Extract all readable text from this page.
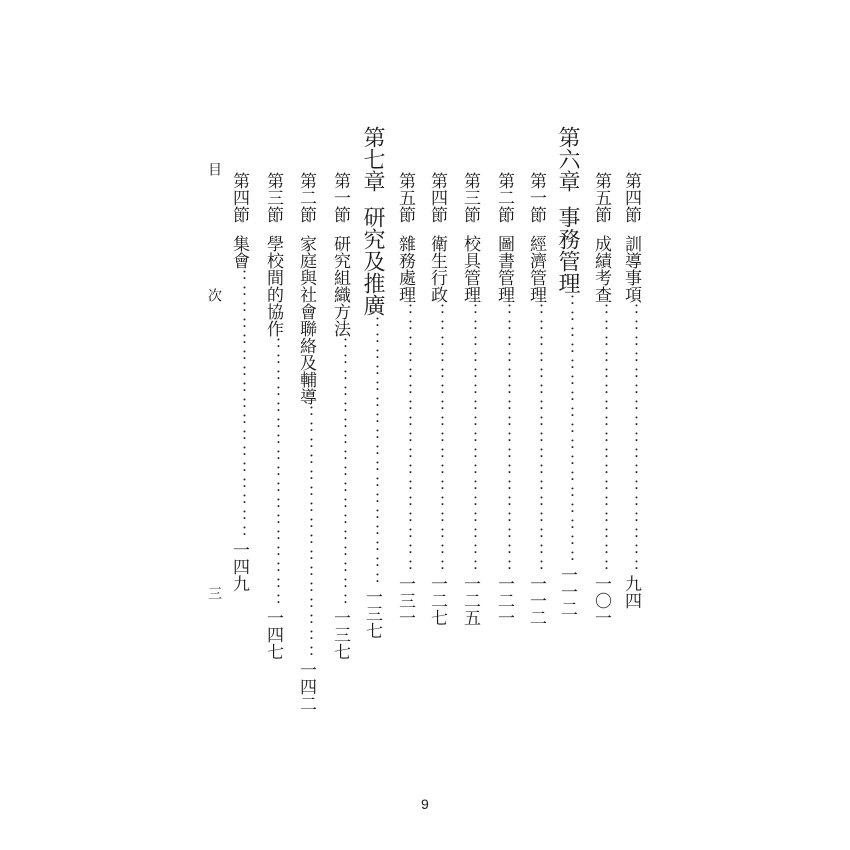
第四節訓導事項：：：：：：：：：：：：：：：：：九四
第五節成績考查：：：：：：：：：：：：：：：：：一〇一
第六章事務管理：：：：：：：：：：：：：：：：：一一二
第一節經濟管理：：：：：：：：：：：：：：：：：一一二
第二節圖書管理：：：：：：：：：：：：：：：：：一二一
第三節校具管理：：：：：：：：：：：：：：：：：一二五
第四節衛生行政：：：：：：：：：：：：：：：：：一二七
第五節雜務處理：：：：：：：：：：：：：：：：：一三一
第七章研究及推廣：：：：：：：：：：：：：：：：：一三七
第一節研究組織方法：：：：：：：：：：：：：：：：：一三七
第二節家庭與社會聯絡及輔導：：：：：：：：：：：：：：：：一四二
第三節學校間的協作：：：：：：：：：：：：：：：：：一四七
第四節集會：：：：：：：：：：：：：：：：：一四九
目
次
三
9
